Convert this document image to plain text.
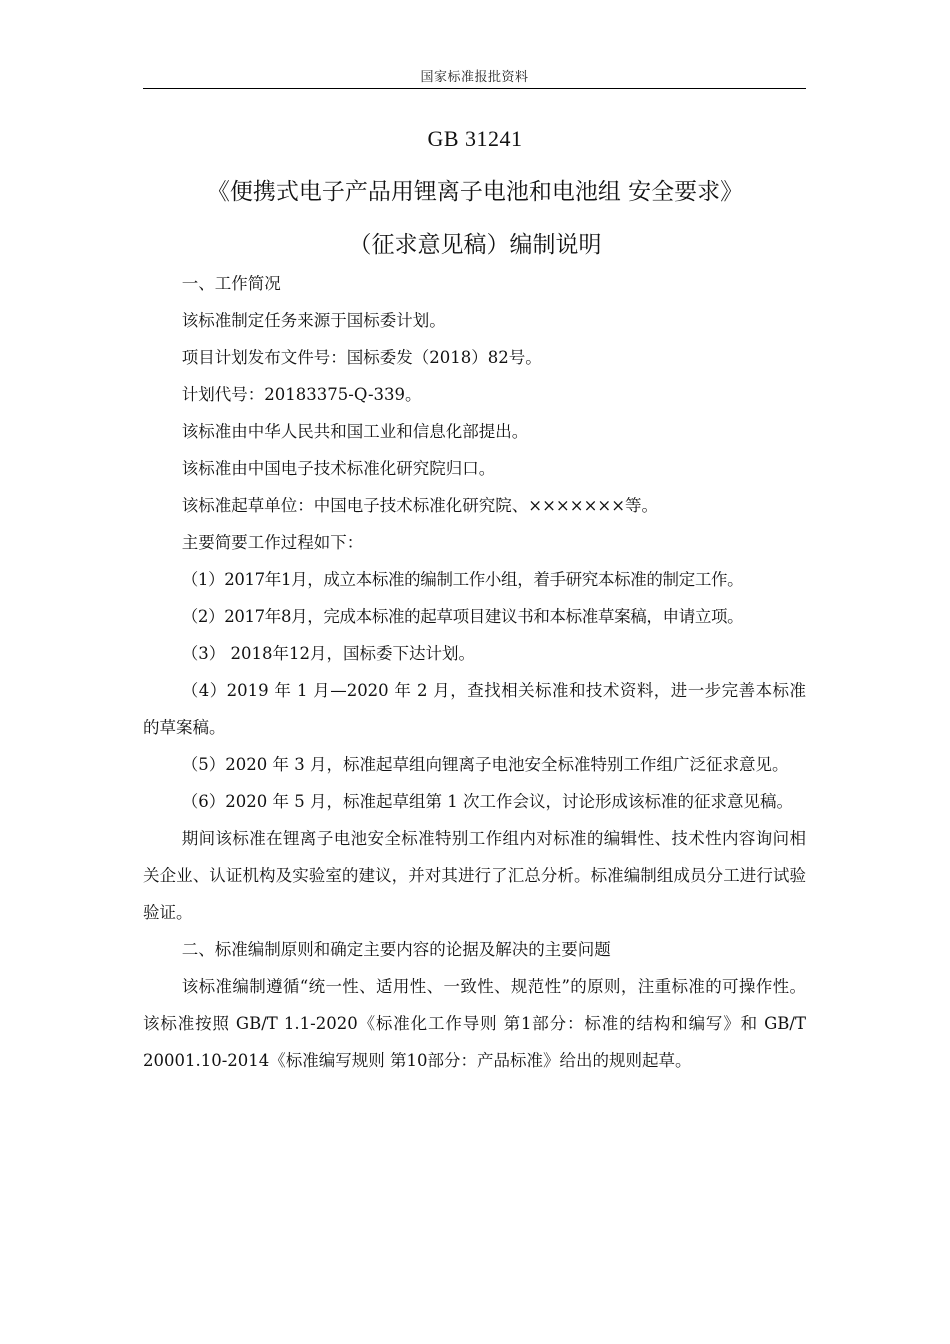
国家标准报批资料
GB 31241
《便携式电子产品用锂离子电池和电池组 安全要求》
（征求意见稿）编制说明

一、工作简况

该标准制定任务来源于国标委计划。

项目计划发布文件号：国标委发（2018）82号。

计划代号：20183375-Q-339。

该标准由中华人民共和国工业和信息化部提出。

该标准由中国电子技术标准化研究院归口。

该标准起草单位：中国电子技术标准化研究院、×××××××等。

主要简要工作过程如下：

（1）2017年1月，成立本标准的编制工作小组，着手研究本标准的制定工作。

（2）2017年8月，完成本标准的起草项目建议书和本标准草案稿，申请立项。

（3） 2018年12月，国标委下达计划。

（4）2019 年 1 月—2020 年 2 月，查找相关标准和技术资料，进一步完善本标准的草案稿。

（5）2020 年 3 月，标准起草组向锂离子电池安全标准特别工作组广泛征求意见。

（6）2020 年 5 月，标准起草组第 1 次工作会议，讨论形成该标准的征求意见稿。

期间该标准在锂离子电池安全标准特别工作组内对标准的编辑性、技术性内容询问相关企业、认证机构及实验室的建议，并对其进行了汇总分析。标准编制组成员分工进行试验验证。

二、标准编制原则和确定主要内容的论据及解决的主要问题

该标准编制遵循“统一性、适用性、一致性、规范性”的原则，注重标准的可操作性。该标准按照 GB/T 1.1-2020《标准化工作导则 第1部分：标准的结构和编写》和 GB/T 20001.10-2014《标准编写规则 第10部分：产品标准》给出的规则起草。
